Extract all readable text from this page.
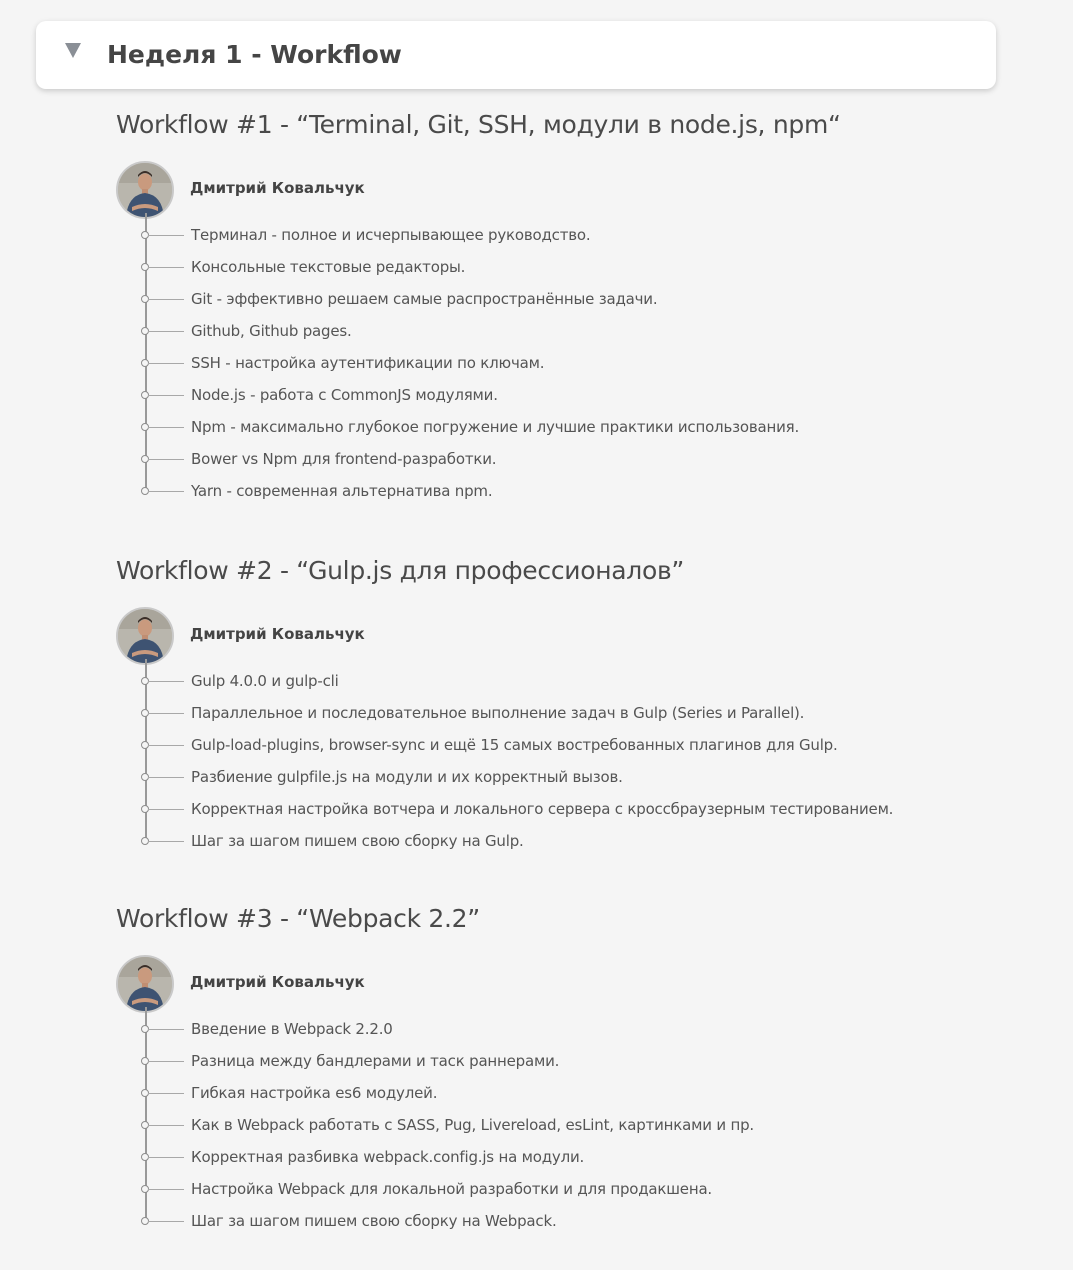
Неделя 1 - Workflow
Workflow #1 - “Terminal, Git, SSH, модули в node.js, npm“
Дмитрий Ковальчук
Терминал - полное и исчерпывающее руководство.
Консольные текстовые редакторы.
Git - эффективно решаем самые распространённые задачи.
Github, Github pages.
SSH - настройка аутентификации по ключам.
Node.js - работа с CommonJS модулями.
Npm - максимально глубокое погружение и лучшие практики использования.
Bower vs Npm для frontend-разработки.
Yarn - современная альтернатива npm.
Workflow #2 - “Gulp.js для профессионалов”
Дмитрий Ковальчук
Gulp 4.0.0 и gulp-cli
Параллельное и последовательное выполнение задач в Gulp (Series и Parallel).
Gulp-load-plugins, browser-sync и ещё 15 самых востребованных плагинов для Gulp.
Разбиение gulpfile.js на модули и их корректный вызов.
Корректная настройка вотчера и локального сервера с кроссбраузерным тестированием.
Шаг за шагом пишем свою сборку на Gulp.
Workflow #3 - “Webpack 2.2”
Дмитрий Ковальчук
Введение в Webpack 2.2.0
Разница между бандлерами и таск раннерами.
Гибкая настройка es6 модулей.
Как в Webpack работать с SASS, Pug, Livereload, esLint, картинками и пр.
Корректная разбивка webpack.config.js на модули.
Настройка Webpack для локальной разработки и для продакшена.
Шаг за шагом пишем свою сборку на Webpack.
